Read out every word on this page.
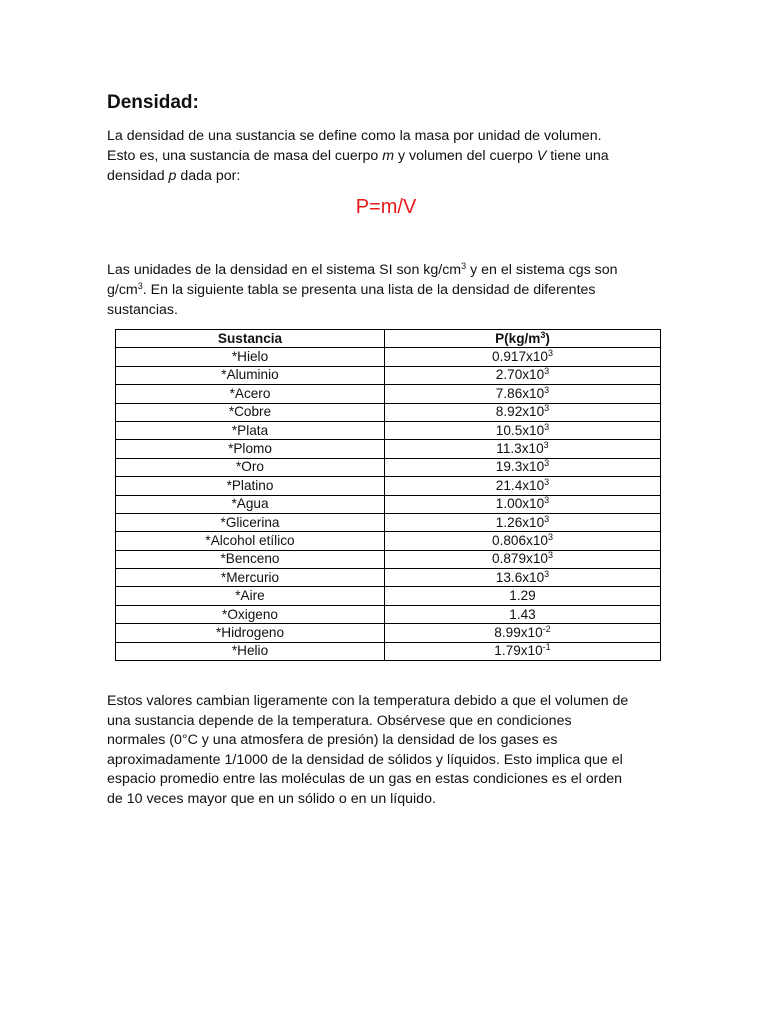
Densidad:

La densidad de una sustancia se define como la masa por unidad de volumen.
Esto es, una sustancia de masa del cuerpo m y volumen del cuerpo V tiene una
densidad p dada por:

P=m/V

Las unidades de la densidad en el sistema SI son $kg/cm^3$ y en el sistema cgs son
$g/cm^3$. En la siguiente tabla se presenta una lista de la densidad de diferentes
sustancias.

Sustancia	$P(kg/m^3)$
*Hielo	$0.917x10^3$
*Aluminio	$2.70x10^3$
*Acero	$7.86x10^3$
*Cobre	$8.92x10^3$
*Plata	$10.5x10^3$
*Plomo	$11.3x10^3$
*Oro	$19.3x10^3$
*Platino	$21.4x10^3$
*Agua	$1.00x10^3$
*Glicerina	$1.26x10^3$
*Alcohol etílico	$0.806x10^3$
*Benceno	$0.879x10^3$
*Mercurio	$13.6x10^3$
*Aire	1.29
*Oxigeno	1.43
*Hidrogeno	$8.99x10^{-2}$
*Helio	$1.79x10^{-1}$

Estos valores cambian ligeramente con la temperatura debido a que el volumen de
una sustancia depende de la temperatura. Obsérvese que en condiciones
normales (0°C y una atmosfera de presión) la densidad de los gases es
aproximadamente 1/1000 de la densidad de sólidos y líquidos. Esto implica que el
espacio promedio entre las moléculas de un gas en estas condiciones es el orden
de 10 veces mayor que en un sólido o en un líquido.
